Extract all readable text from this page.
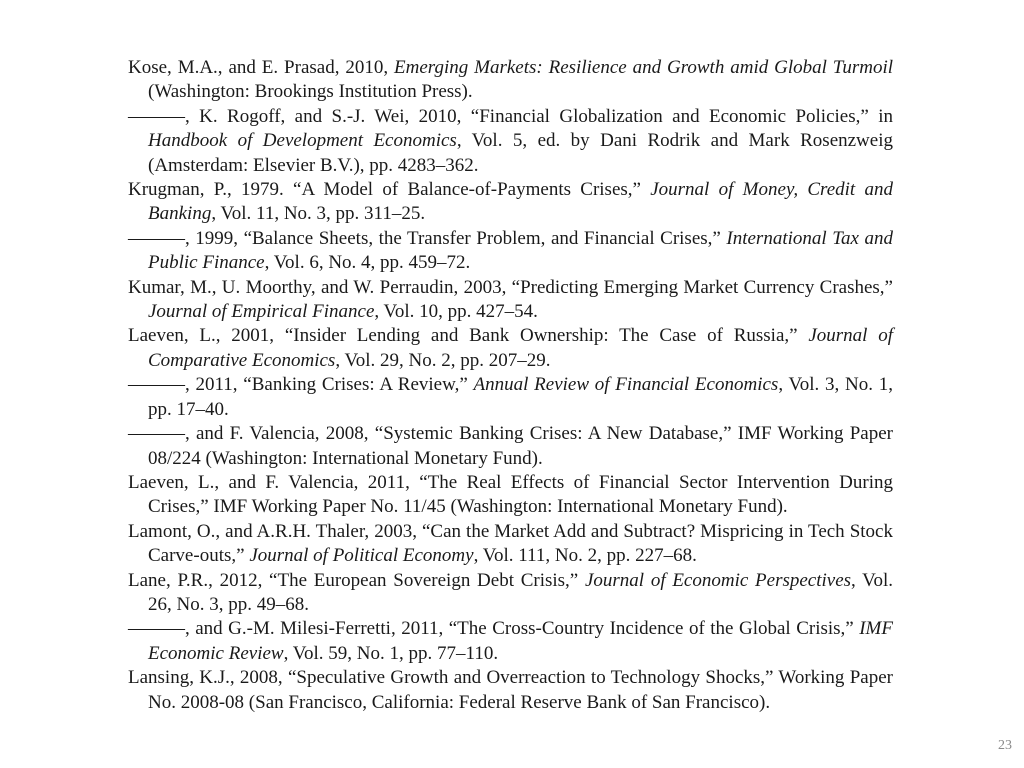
Kose, M.A., and E. Prasad, 2010, Emerging Markets: Resilience and Growth amid Global Turmoil (Washington: Brookings Institution Press).
———, K. Rogoff, and S.-J. Wei, 2010, “Financial Globalization and Economic Policies,” in Handbook of Development Economics, Vol. 5, ed. by Dani Rodrik and Mark Rosenzweig (Amsterdam: Elsevier B.V.), pp. 4283–362.
Krugman, P., 1979. “A Model of Balance-of-Payments Crises,” Journal of Money, Credit and Banking, Vol. 11, No. 3, pp. 311–25.
———, 1999, “Balance Sheets, the Transfer Problem, and Financial Crises,” International Tax and Public Finance, Vol. 6, No. 4, pp. 459–72.
Kumar, M., U. Moorthy, and W. Perraudin, 2003, “Predicting Emerging Market Currency Crashes,” Journal of Empirical Finance, Vol. 10, pp. 427–54.
Laeven, L., 2001, “Insider Lending and Bank Ownership: The Case of Russia,” Journal of Comparative Economics, Vol. 29, No. 2, pp. 207–29.
———, 2011, “Banking Crises: A Review,” Annual Review of Financial Economics, Vol. 3, No. 1, pp. 17–40.
———, and F. Valencia, 2008, “Systemic Banking Crises: A New Database,” IMF Working Paper 08/224 (Washington: International Monetary Fund).
Laeven, L., and F. Valencia, 2011, “The Real Effects of Financial Sector Intervention During Crises,” IMF Working Paper No. 11/45 (Washington: International Monetary Fund).
Lamont, O., and A.R.H. Thaler, 2003, “Can the Market Add and Subtract? Mispricing in Tech Stock Carve-outs,” Journal of Political Economy, Vol. 111, No. 2, pp. 227–68.
Lane, P.R., 2012, “The European Sovereign Debt Crisis,” Journal of Economic Perspectives, Vol. 26, No. 3, pp. 49–68.
———, and G.-M. Milesi-Ferretti, 2011, “The Cross-Country Incidence of the Global Crisis,” IMF Economic Review, Vol. 59, No. 1, pp. 77–110.
Lansing, K.J., 2008, “Speculative Growth and Overreaction to Technology Shocks,” Working Paper No. 2008-08 (San Francisco, California: Federal Reserve Bank of San Francisco).
23
